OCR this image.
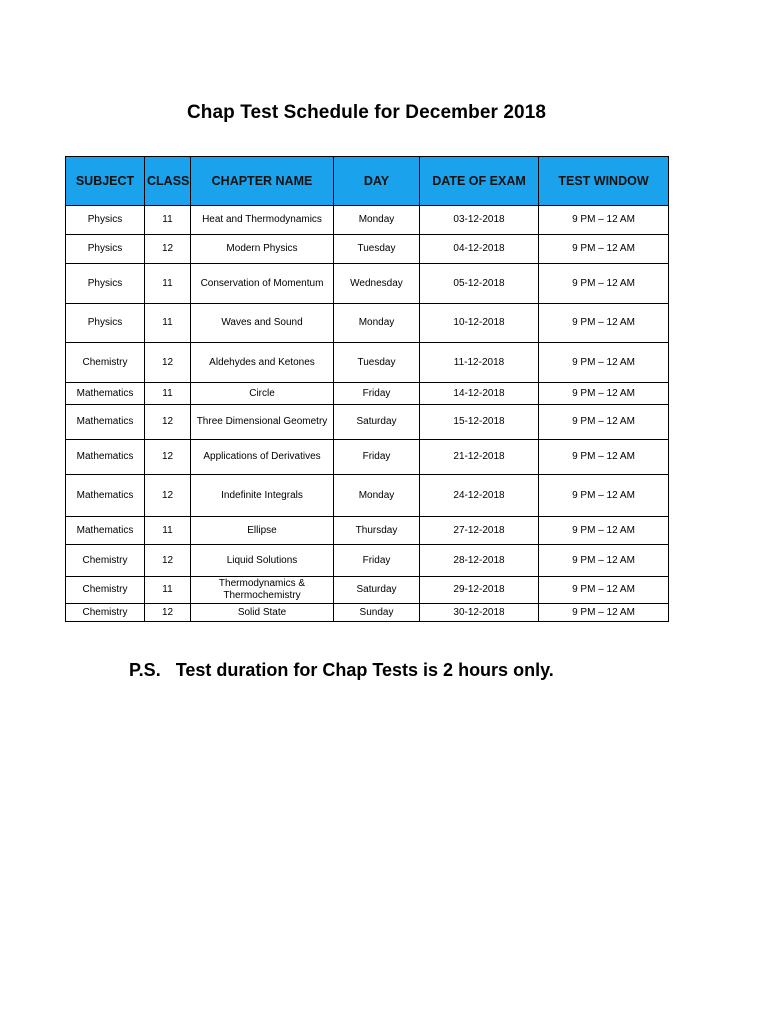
Chap Test Schedule for December 2018
SUBJECT	CLASS	CHAPTER NAME	DAY	DATE OF EXAM	TEST WINDOW
Physics	11	Heat and Thermodynamics	Monday	03-12-2018	9 PM – 12 AM
Physics	12	Modern Physics	Tuesday	04-12-2018	9 PM – 12 AM
Physics	11	Conservation of Momentum	Wednesday	05-12-2018	9 PM – 12 AM
Physics	11	Waves and Sound	Monday	10-12-2018	9 PM – 12 AM
Chemistry	12	Aldehydes and Ketones	Tuesday	11-12-2018	9 PM – 12 AM
Mathematics	11	Circle	Friday	14-12-2018	9 PM – 12 AM
Mathematics	12	Three Dimensional Geometry	Saturday	15-12-2018	9 PM – 12 AM
Mathematics	12	Applications of Derivatives	Friday	21-12-2018	9 PM – 12 AM
Mathematics	12	Indefinite Integrals	Monday	24-12-2018	9 PM – 12 AM
Mathematics	11	Ellipse	Thursday	27-12-2018	9 PM – 12 AM
Chemistry	12	Liquid Solutions	Friday	28-12-2018	9 PM – 12 AM
Chemistry	11	Thermodynamics & Thermochemistry	Saturday	29-12-2018	9 PM – 12 AM
Chemistry	12	Solid State	Sunday	30-12-2018	9 PM – 12 AM
P.S.   Test duration for Chap Tests is 2 hours only.
